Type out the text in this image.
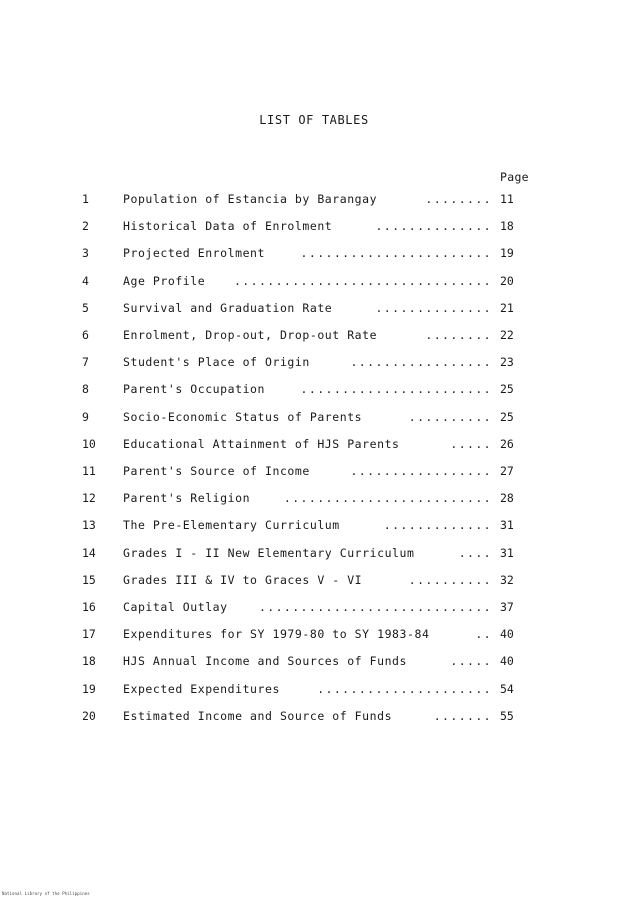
LIST OF TABLES
Page
1	Population of Estancia by Barangay	........ 11
2	Historical Data of Enrolment	.............. 18
3	Projected Enrolment	....................... 19
4	Age Profile	............................... 20
5	Survival and Graduation Rate	.............. 21
6	Enrolment, Drop-out, Drop-out Rate	........ 22
7	Student's Place of Origin	................. 23
8	Parent's Occupation	....................... 25
9	Socio-Economic Status of Parents	.......... 25
10	Educational Attainment of HJS Parents	..... 26
11	Parent's Source of Income	................. 27
12	Parent's Religion	......................... 28
13	The Pre-Elementary Curriculum	............. 31
14	Grades I - II New Elementary Curriculum	.... 31
15	Grades III & IV to Graces V - VI	.......... 32
16	Capital Outlay	............................ 37
17	Expenditures for SY 1979-80 to SY 1983-84	.. 40
18	HJS Annual Income and Sources of Funds	..... 40
19	Expected Expenditures	..................... 54
20	Estimated Income and Source of Funds	....... 55
National Library of the Philippines
